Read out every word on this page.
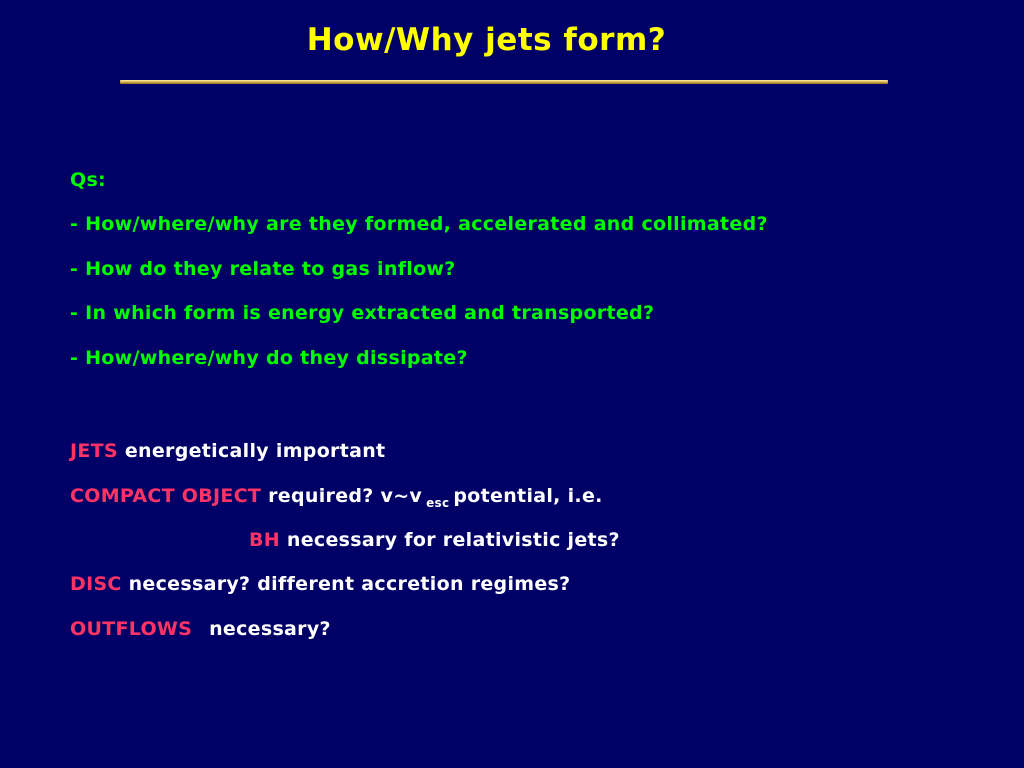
How/Why jets form?
Qs:
- How/where/why are they formed, accelerated and collimated?
- How do they relate to gas inflow?
- In which form is energy extracted and transported?
- How/where/why do they dissipate?
JETS energetically important
COMPACT OBJECT required? v~v $_{esc}$ potential, i.e.
BH necessary for relativistic jets?
DISC necessary? different accretion regimes?
OUTFLOWS necessary?
